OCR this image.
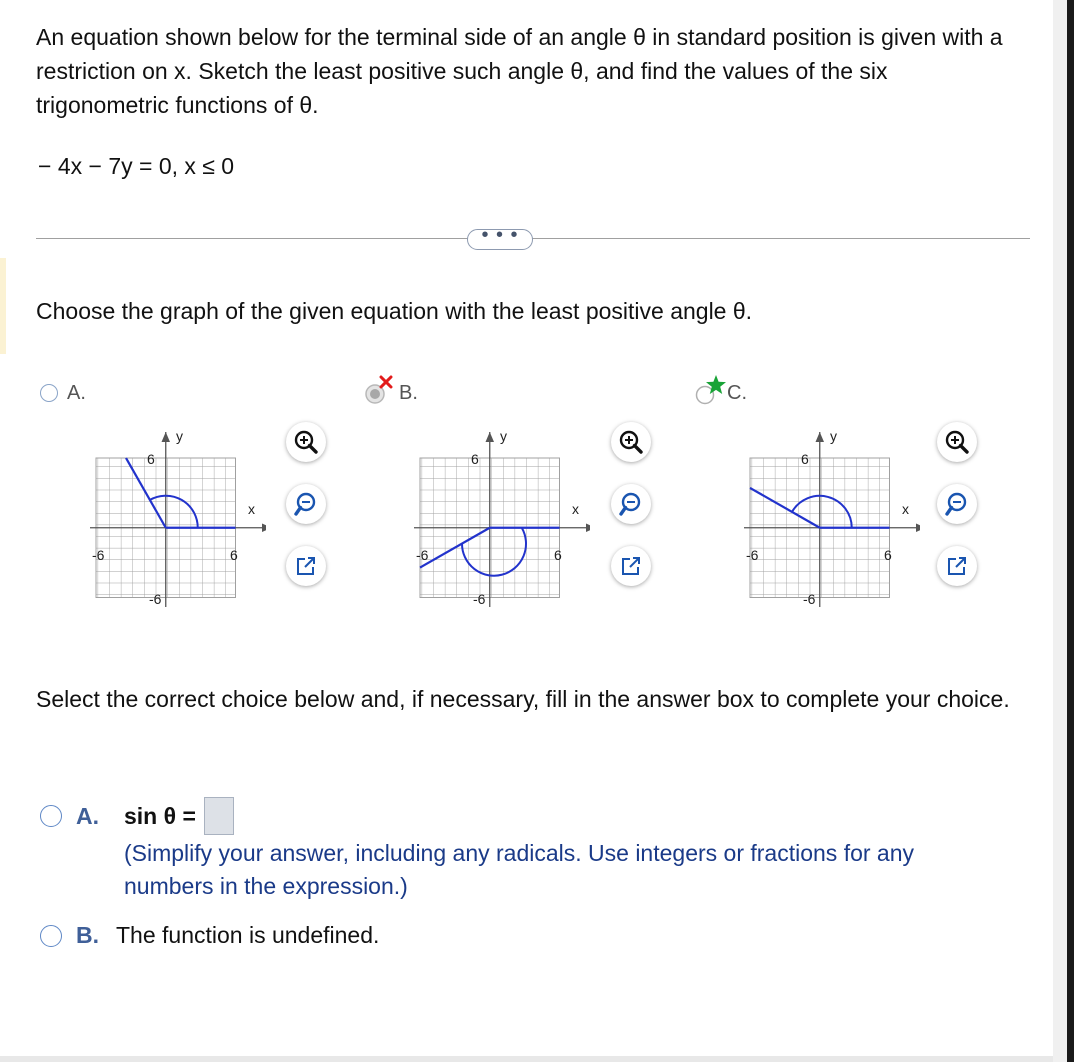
An equation shown below for the terminal side of an angle θ in standard position is given with a restriction on x. Sketch the least positive such angle θ, and find the values of the six trigonometric functions of θ.
− 4x − 7y = 0, x ≤ 0
• • •
Choose the graph of the given equation with the least positive angle θ.
A.	B.	C.
y
x
6
6
-6
-6
y
x
6
6
-6
-6
y
x
6
6
-6
-6
Select the correct choice below and, if necessary, fill in the answer box to complete your choice.
A.	sin θ =
(Simplify your answer, including any radicals. Use integers or fractions for any numbers in the expression.)
B. The function is undefined.
